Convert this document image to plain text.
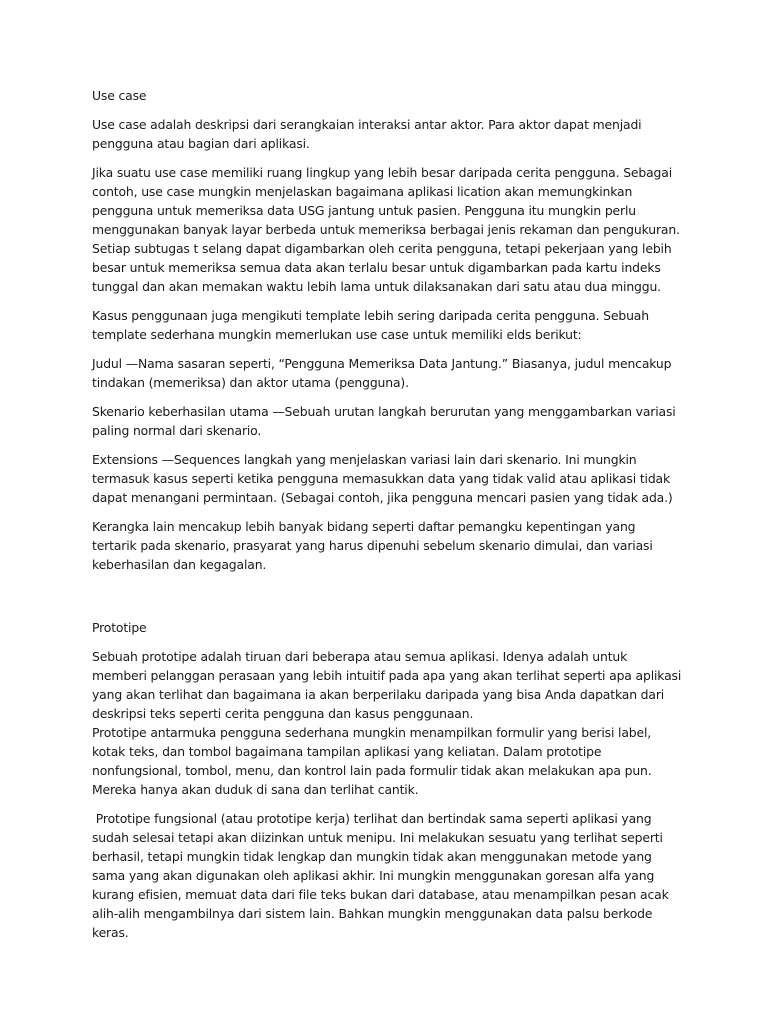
Use case

Use case adalah deskripsi dari serangkaian interaksi antar aktor. Para aktor dapat menjadi pengguna atau bagian dari aplikasi.

Jika suatu use case memiliki ruang lingkup yang lebih besar daripada cerita pengguna. Sebagai contoh, use case mungkin menjelaskan bagaimana aplikasi lication akan memungkinkan pengguna untuk memeriksa data USG jantung untuk pasien. Pengguna itu mungkin perlu menggunakan banyak layar berbeda untuk memeriksa berbagai jenis rekaman dan pengukuran. Setiap subtugas t selang dapat digambarkan oleh cerita pengguna, tetapi pekerjaan yang lebih besar untuk memeriksa semua data akan terlalu besar untuk digambarkan pada kartu indeks tunggal dan akan memakan waktu lebih lama untuk dilaksanakan dari satu atau dua minggu.

Kasus penggunaan juga mengikuti template lebih sering daripada cerita pengguna. Sebuah template sederhana mungkin memerlukan use case untuk memiliki elds berikut:

Judul —Nama sasaran seperti, “Pengguna Memeriksa Data Jantung.” Biasanya, judul mencakup tindakan (memeriksa) dan aktor utama (pengguna).

Skenario keberhasilan utama —Sebuah urutan langkah berurutan yang menggambarkan variasi paling normal dari skenario.

Extensions —Sequences langkah yang menjelaskan variasi lain dari skenario. Ini mungkin termasuk kasus seperti ketika pengguna memasukkan data yang tidak valid atau aplikasi tidak dapat menangani permintaan. (Sebagai contoh, jika pengguna mencari pasien yang tidak ada.)

Kerangka lain mencakup lebih banyak bidang seperti daftar pemangku kepentingan yang tertarik pada skenario, prasyarat yang harus dipenuhi sebelum skenario dimulai, dan variasi keberhasilan dan kegagalan.

Prototipe

Sebuah prototipe adalah tiruan dari beberapa atau semua aplikasi. Idenya adalah untuk memberi pelanggan perasaan yang lebih intuitif pada apa yang akan terlihat seperti apa aplikasi yang akan terlihat dan bagaimana ia akan berperilaku daripada yang bisa Anda dapatkan dari deskripsi teks seperti cerita pengguna dan kasus penggunaan.

Prototipe antarmuka pengguna sederhana mungkin menampilkan formulir yang berisi label, kotak teks, dan tombol bagaimana tampilan aplikasi yang keliatan. Dalam prototipe nonfungsional, tombol, menu, dan kontrol lain pada formulir tidak akan melakukan apa pun. Mereka hanya akan duduk di sana dan terlihat cantik.

Prototipe fungsional (atau prototipe kerja) terlihat dan bertindak sama seperti aplikasi yang sudah selesai tetapi akan diizinkan untuk menipu. Ini melakukan sesuatu yang terlihat seperti berhasil, tetapi mungkin tidak lengkap dan mungkin tidak akan menggunakan metode yang sama yang akan digunakan oleh aplikasi akhir. Ini mungkin menggunakan goresan alfa yang kurang efisien, memuat data dari file teks bukan dari database, atau menampilkan pesan acak alih-alih mengambilnya dari sistem lain. Bahkan mungkin menggunakan data palsu berkode keras.
